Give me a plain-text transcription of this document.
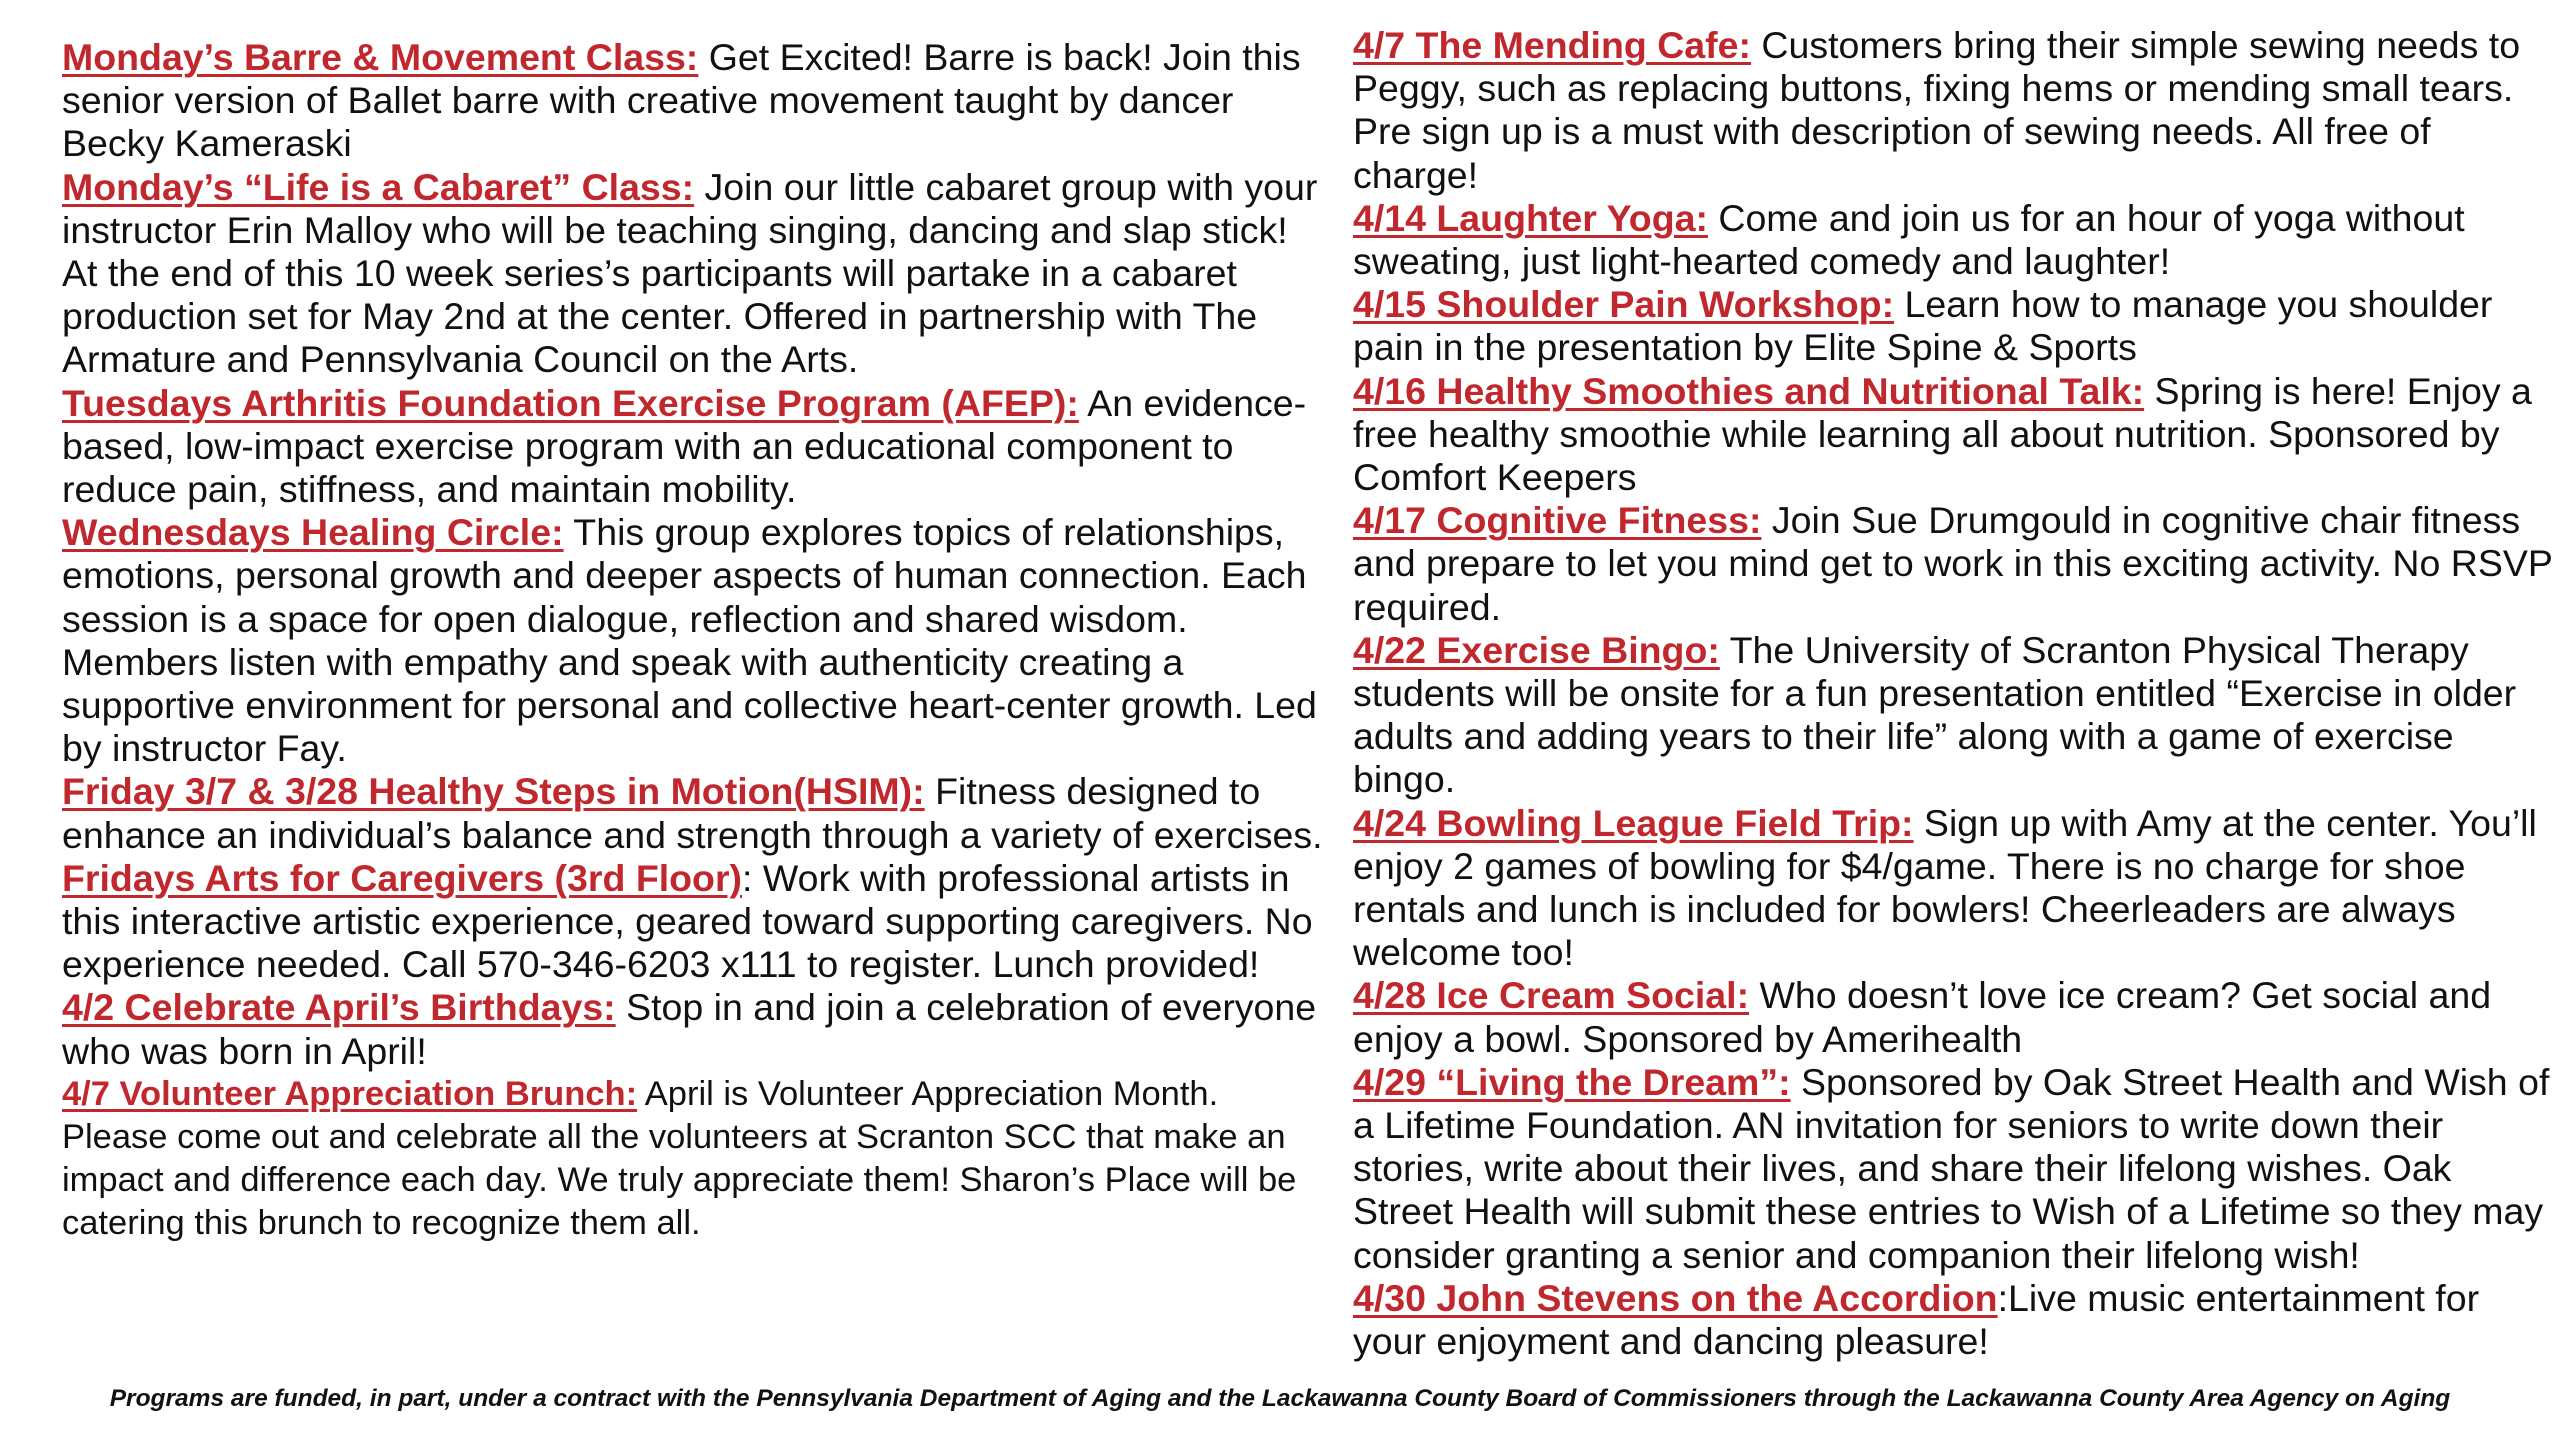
Monday’s Barre & Movement Class: Get Excited! Barre is back! Join this senior version of Ballet barre with creative movement taught by dancer Becky Kameraski

Monday’s “Life is a Cabaret” Class: Join our little cabaret group with your instructor Erin Malloy who will be teaching singing, dancing and slap stick! At the end of this 10 week series’s participants will partake in a cabaret production set for May 2nd at the center. Offered in partnership with The Armature and Pennsylvania Council on the Arts.

Tuesdays Arthritis Foundation Exercise Program (AFEP): An evidence-based, low-impact exercise program with an educational component to reduce pain, stiffness, and maintain mobility.

Wednesdays Healing Circle: This group explores topics of relationships, emotions, personal growth and deeper aspects of human connection. Each session is a space for open dialogue, reflection and shared wisdom. Members listen with empathy and speak with authenticity creating a supportive environment for personal and collective heart-center growth. Led by instructor Fay.

Friday 3/7 & 3/28 Healthy Steps in Motion(HSIM): Fitness designed to enhance an individual’s balance and strength through a variety of exercises.

Fridays Arts for Caregivers (3rd Floor): Work with professional artists in this interactive artistic experience, geared toward supporting caregivers. No experience needed. Call 570-346-6203 x111 to register. Lunch provided!

4/2 Celebrate April’s Birthdays: Stop in and join a celebration of everyone who was born in April!

4/7 Volunteer Appreciation Brunch: April is Volunteer Appreciation Month. Please come out and celebrate all the volunteers at Scranton SCC that make an impact and difference each day. We truly appreciate them! Sharon’s Place will be catering this brunch to recognize them all.

4/7 The Mending Cafe: Customers bring their simple sewing needs to Peggy, such as replacing buttons, fixing hems or mending small tears. Pre sign up is a must with description of sewing needs. All free of charge!

4/14 Laughter Yoga: Come and join us for an hour of yoga without sweating, just light-hearted comedy and laughter!

4/15 Shoulder Pain Workshop: Learn how to manage you shoulder pain in the presentation by Elite Spine & Sports

4/16 Healthy Smoothies and Nutritional Talk: Spring is here! Enjoy a free healthy smoothie while learning all about nutrition. Sponsored by Comfort Keepers

4/17 Cognitive Fitness: Join Sue Drumgould in cognitive chair fitness and prepare to let you mind get to work in this exciting activity. No RSVP required.

4/22 Exercise Bingo: The University of Scranton Physical Therapy students will be onsite for a fun presentation entitled “Exercise in older adults and adding years to their life” along with a game of exercise bingo.

4/24 Bowling League Field Trip: Sign up with Amy at the center. You’ll enjoy 2 games of bowling for $4/game. There is no charge for shoe rentals and lunch is included for bowlers! Cheerleaders are always welcome too!

4/28 Ice Cream Social: Who doesn’t love ice cream? Get social and enjoy a bowl. Sponsored by Amerihealth

4/29 “Living the Dream”: Sponsored by Oak Street Health and Wish of a Lifetime Foundation. AN invitation for seniors to write down their stories, write about their lives, and share their lifelong wishes. Oak Street Health will submit these entries to Wish of a Lifetime so they may consider granting a senior and companion their lifelong wish!

4/30 John Stevens on the Accordion:Live music entertainment for your enjoyment and dancing pleasure!

Programs are funded, in part, under a contract with the Pennsylvania Department of Aging and the Lackawanna County Board of Commissioners through the Lackawanna County Area Agency on Aging
